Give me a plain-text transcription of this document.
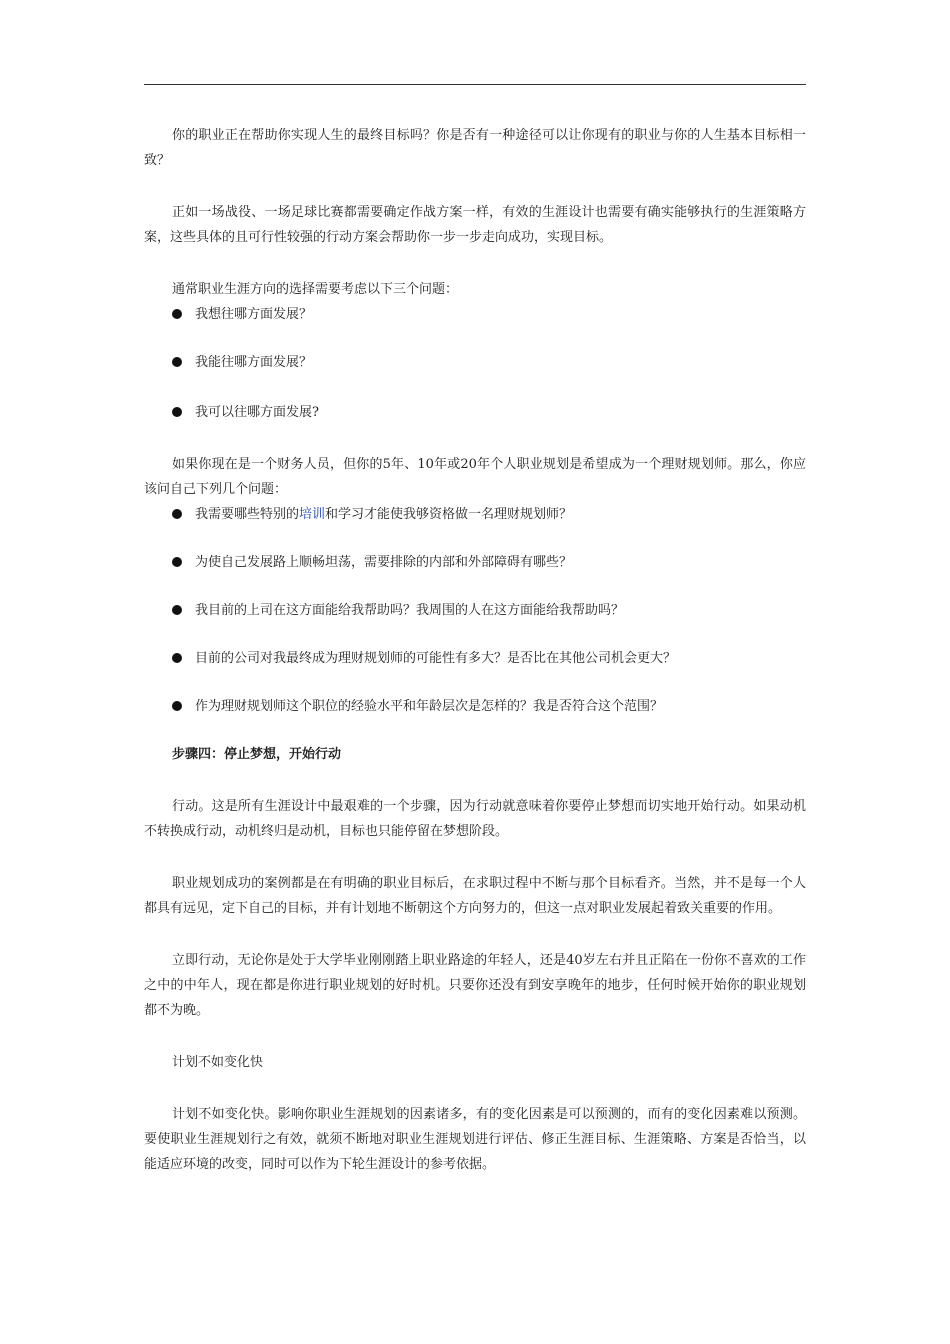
你的职业正在帮助你实现人生的最终目标吗？你是否有一种途径可以让你现有的职业与你的人生基本目标相一致？

正如一场战役、一场足球比赛都需要确定作战方案一样，有效的生涯设计也需要有确实能够执行的生涯策略方案，这些具体的且可行性较强的行动方案会帮助你一步一步走向成功，实现目标。

通常职业生涯方向的选择需要考虑以下三个问题：

我想往哪方面发展？
我能往哪方面发展？
我可以往哪方面发展?

如果你现在是一个财务人员，但你的5年、10年或20年个人职业规划是希望成为一个理财规划师。那么，你应该问自己下列几个问题：

我需要哪些特别的培训和学习才能使我够资格做一名理财规划师？
为使自己发展路上顺畅坦荡，需要排除的内部和外部障碍有哪些？
我目前的上司在这方面能给我帮助吗？我周围的人在这方面能给我帮助吗？
目前的公司对我最终成为理财规划师的可能性有多大？是否比在其他公司机会更大？
作为理财规划师这个职位的经验水平和年龄层次是怎样的？我是否符合这个范围？

步骤四：停止梦想，开始行动

行动。这是所有生涯设计中最艰难的一个步骤，因为行动就意味着你要停止梦想而切实地开始行动。如果动机不转换成行动，动机终归是动机，目标也只能停留在梦想阶段。

职业规划成功的案例都是在有明确的职业目标后，在求职过程中不断与那个目标看齐。当然，并不是每一个人都具有远见，定下自己的目标，并有计划地不断朝这个方向努力的，但这一点对职业发展起着致关重要的作用。

立即行动，无论你是处于大学毕业刚刚踏上职业路途的年轻人，还是40岁左右并且正陷在一份你不喜欢的工作之中的中年人，现在都是你进行职业规划的好时机。只要你还没有到安享晚年的地步，任何时候开始你的职业规划都不为晚。

计划不如变化快

计划不如变化快。影响你职业生涯规划的因素诸多，有的变化因素是可以预测的，而有的变化因素难以预测。要使职业生涯规划行之有效，就须不断地对职业生涯规划进行评估、修正生涯目标、生涯策略、方案是否恰当，以能适应环境的改变，同时可以作为下轮生涯设计的参考依据。
